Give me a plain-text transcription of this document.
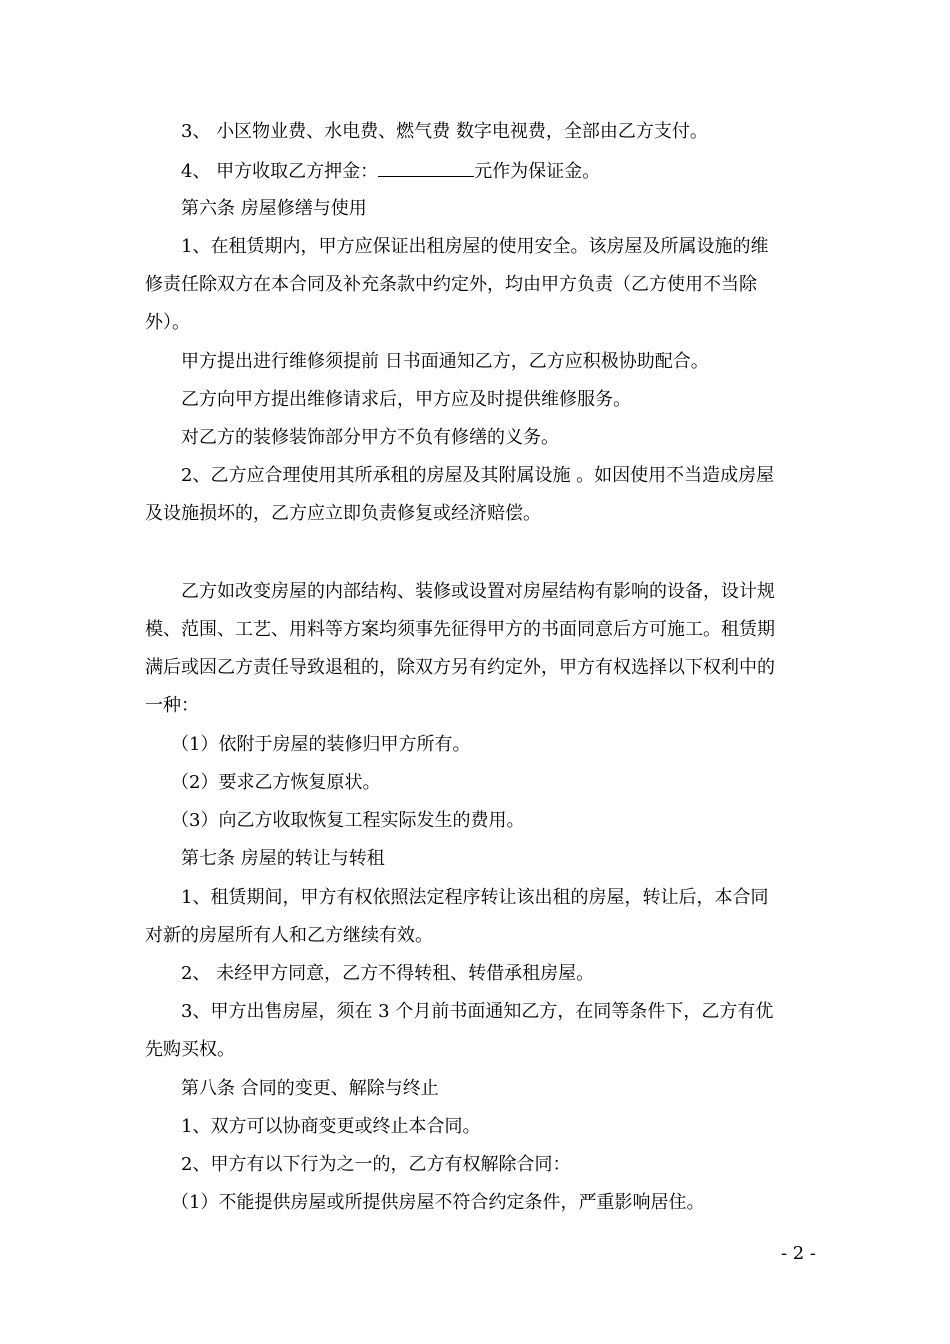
3、 小区物业费、水电费、燃气费 数字电视费，全部由乙方支付。
4、 甲方收取乙方押金：	元作为保证金。
第六条 房屋修缮与使用
1、在租赁期内，甲方应保证出租房屋的使用安全。该房屋及所属设施的维
修责任除双方在本合同及补充条款中约定外，均由甲方负责（乙方使用不当除
外）。
甲方提出进行维修须提前 日书面通知乙方，乙方应积极协助配合。
乙方向甲方提出维修请求后，甲方应及时提供维修服务。
对乙方的装修装饰部分甲方不负有修缮的义务。
2、乙方应合理使用其所承租的房屋及其附属设施 。如因使用不当造成房屋
及设施损坏的，乙方应立即负责修复或经济赔偿。
乙方如改变房屋的内部结构、装修或设置对房屋结构有影响的设备，设计规
模、范围、工艺、用料等方案均须事先征得甲方的书面同意后方可施工。租赁期
满后或因乙方责任导致退租的，除双方另有约定外，甲方有权选择以下权利中的
一种：
（1）依附于房屋的装修归甲方所有。
（2）要求乙方恢复原状。
（3）向乙方收取恢复工程实际发生的费用。
第七条 房屋的转让与转租
1、租赁期间，甲方有权依照法定程序转让该出租的房屋，转让后，本合同
对新的房屋所有人和乙方继续有效。
2、 未经甲方同意，乙方不得转租、转借承租房屋。
3、甲方出售房屋，须在 3 个月前书面通知乙方，在同等条件下，乙方有优
先购买权。
第八条 合同的变更、解除与终止
1、双方可以协商变更或终止本合同。
2、甲方有以下行为之一的，乙方有权解除合同：
（1）不能提供房屋或所提供房屋不符合约定条件，严重影响居住。
- 2 -
